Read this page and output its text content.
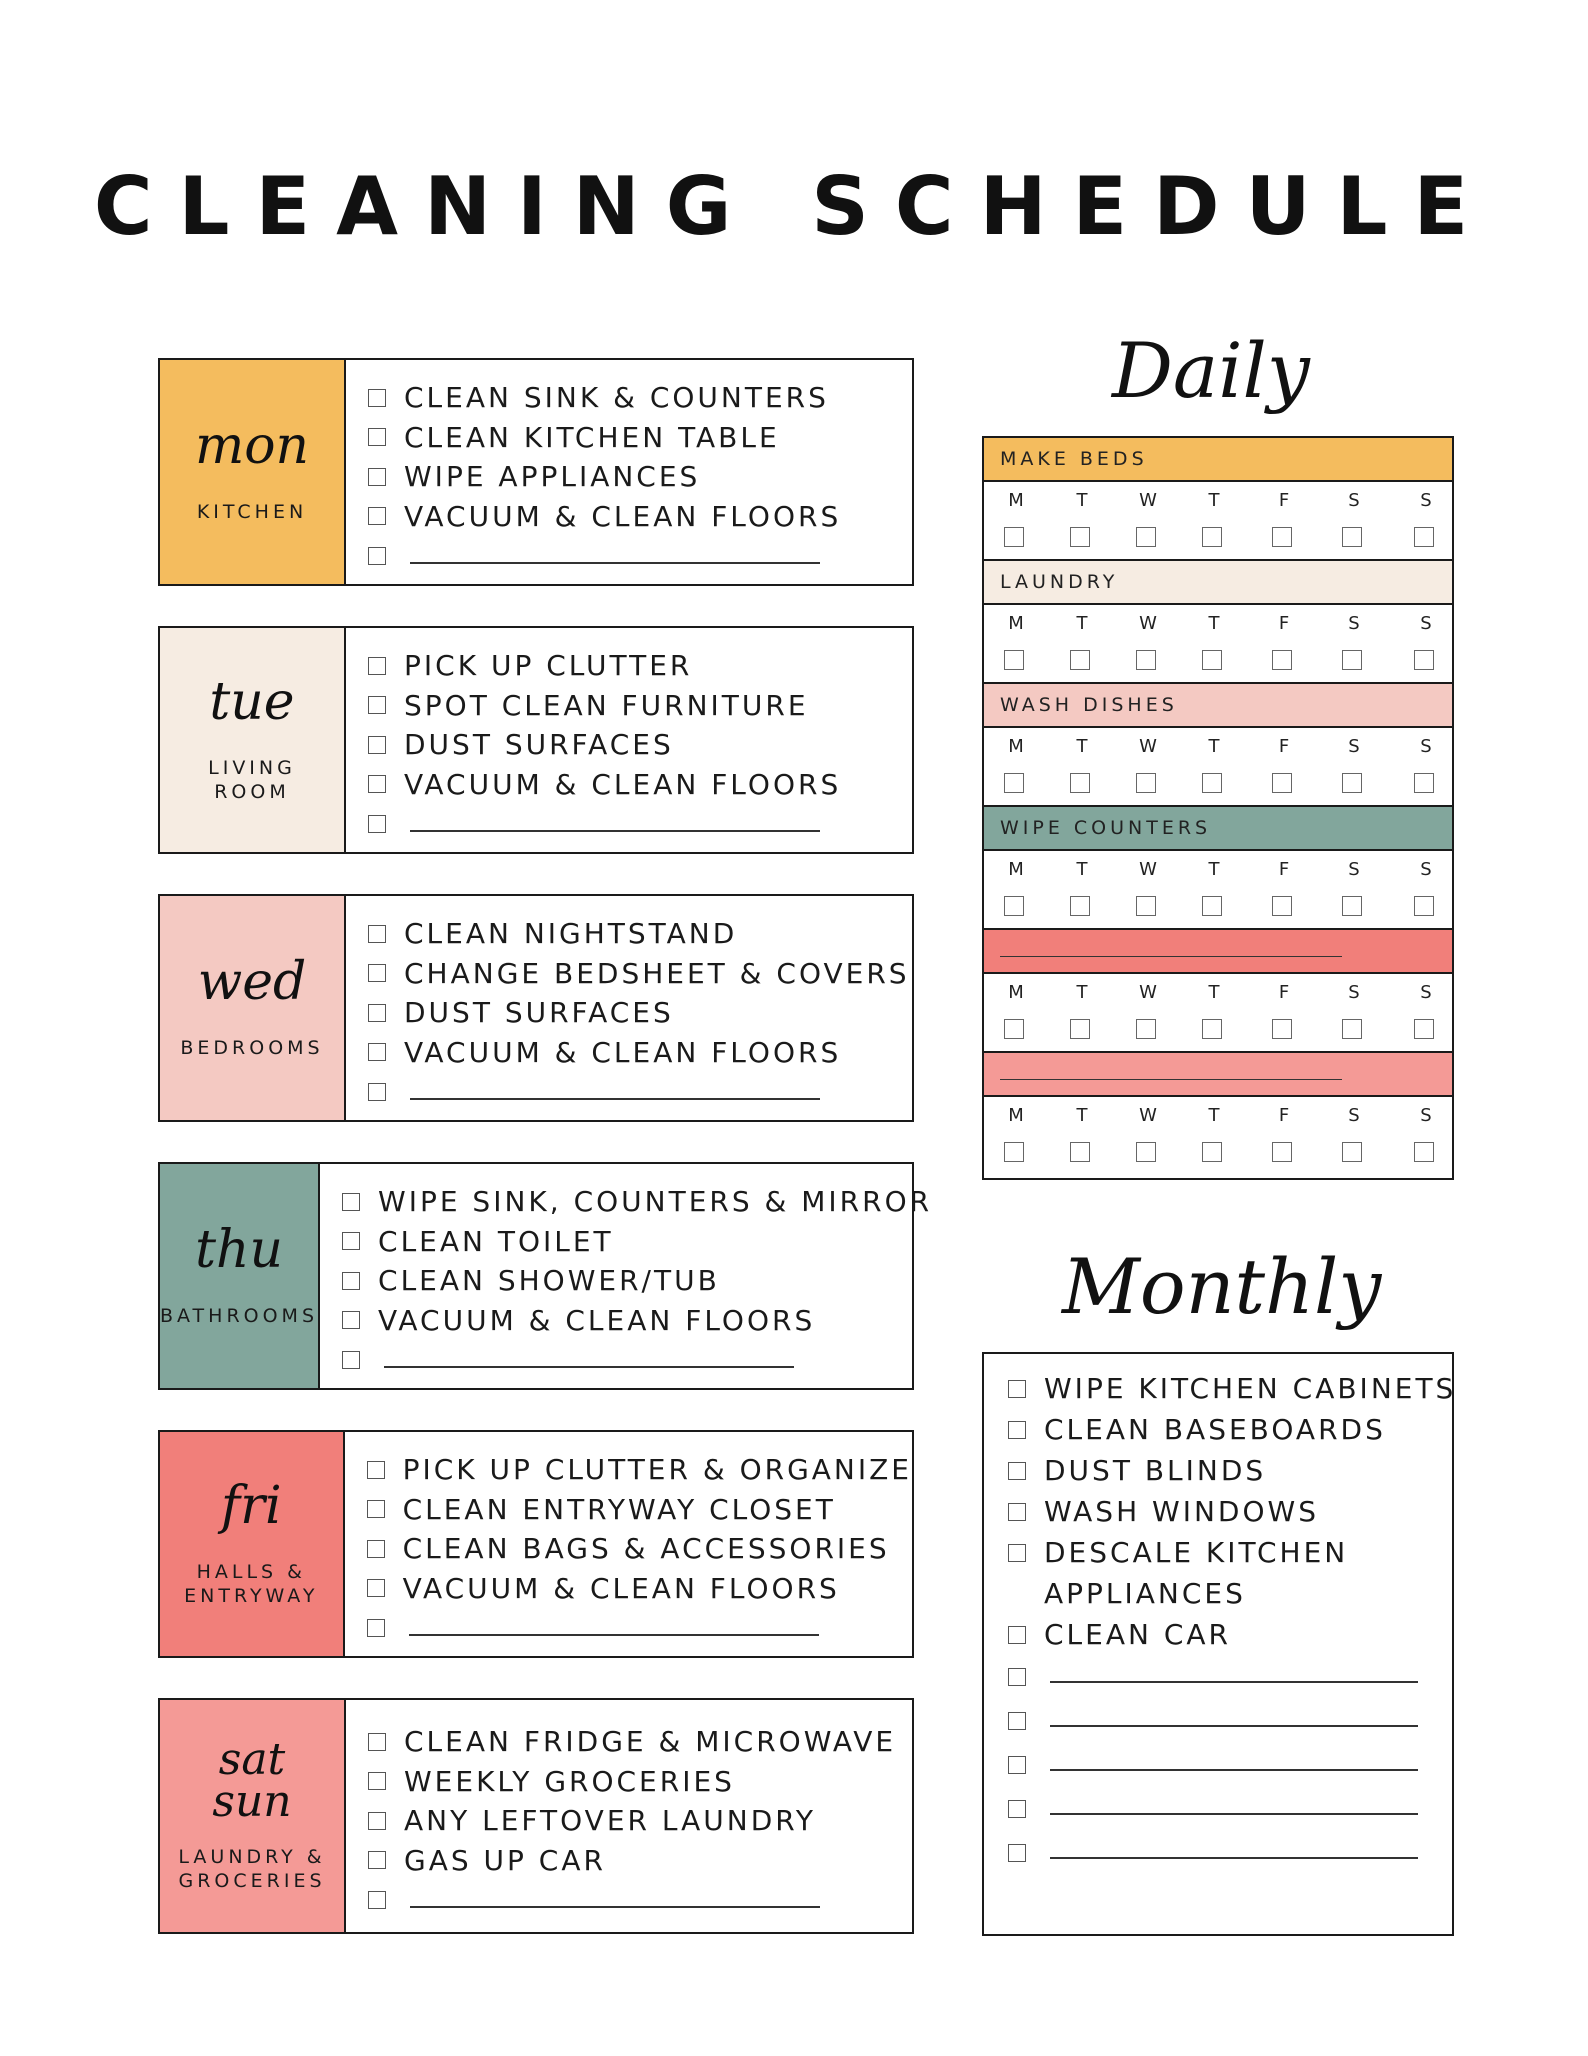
CLEANING SCHEDULE
mon
KITCHEN
CLEAN SINK & COUNTERS
CLEAN KITCHEN TABLE
WIPE APPLIANCES
VACUUM & CLEAN FLOORS
tue
LIVING
ROOM
PICK UP CLUTTER
SPOT CLEAN FURNITURE
DUST SURFACES
VACUUM & CLEAN FLOORS
wed
BEDROOMS
CLEAN NIGHTSTAND
CHANGE BEDSHEET & COVERS
DUST SURFACES
VACUUM & CLEAN FLOORS
thu
BATHROOMS
WIPE SINK, COUNTERS & MIRROR
CLEAN TOILET
CLEAN SHOWER/TUB
VACUUM & CLEAN FLOORS
fri
HALLS &
ENTRYWAY
PICK UP CLUTTER & ORGANIZE
CLEAN ENTRYWAY CLOSET
CLEAN BAGS & ACCESSORIES
VACUUM & CLEAN FLOORS
sat
sun
LAUNDRY &
GROCERIES
CLEAN FRIDGE & MICROWAVE
WEEKLY GROCERIES
ANY LEFTOVER LAUNDRY
GAS UP CAR
Daily
MAKE BEDS
M	T	W	T	F	S	S
LAUNDRY
M	T	W	T	F	S	S
WASH DISHES
M	T	W	T	F	S	S
WIPE COUNTERS
M	T	W	T	F	S	S
M	T	W	T	F	S	S
M	T	W	T	F	S	S
Monthly
WIPE KITCHEN CABINETS
CLEAN BASEBOARDS
DUST BLINDS
WASH WINDOWS
DESCALE KITCHEN
APPLIANCES
CLEAN CAR
